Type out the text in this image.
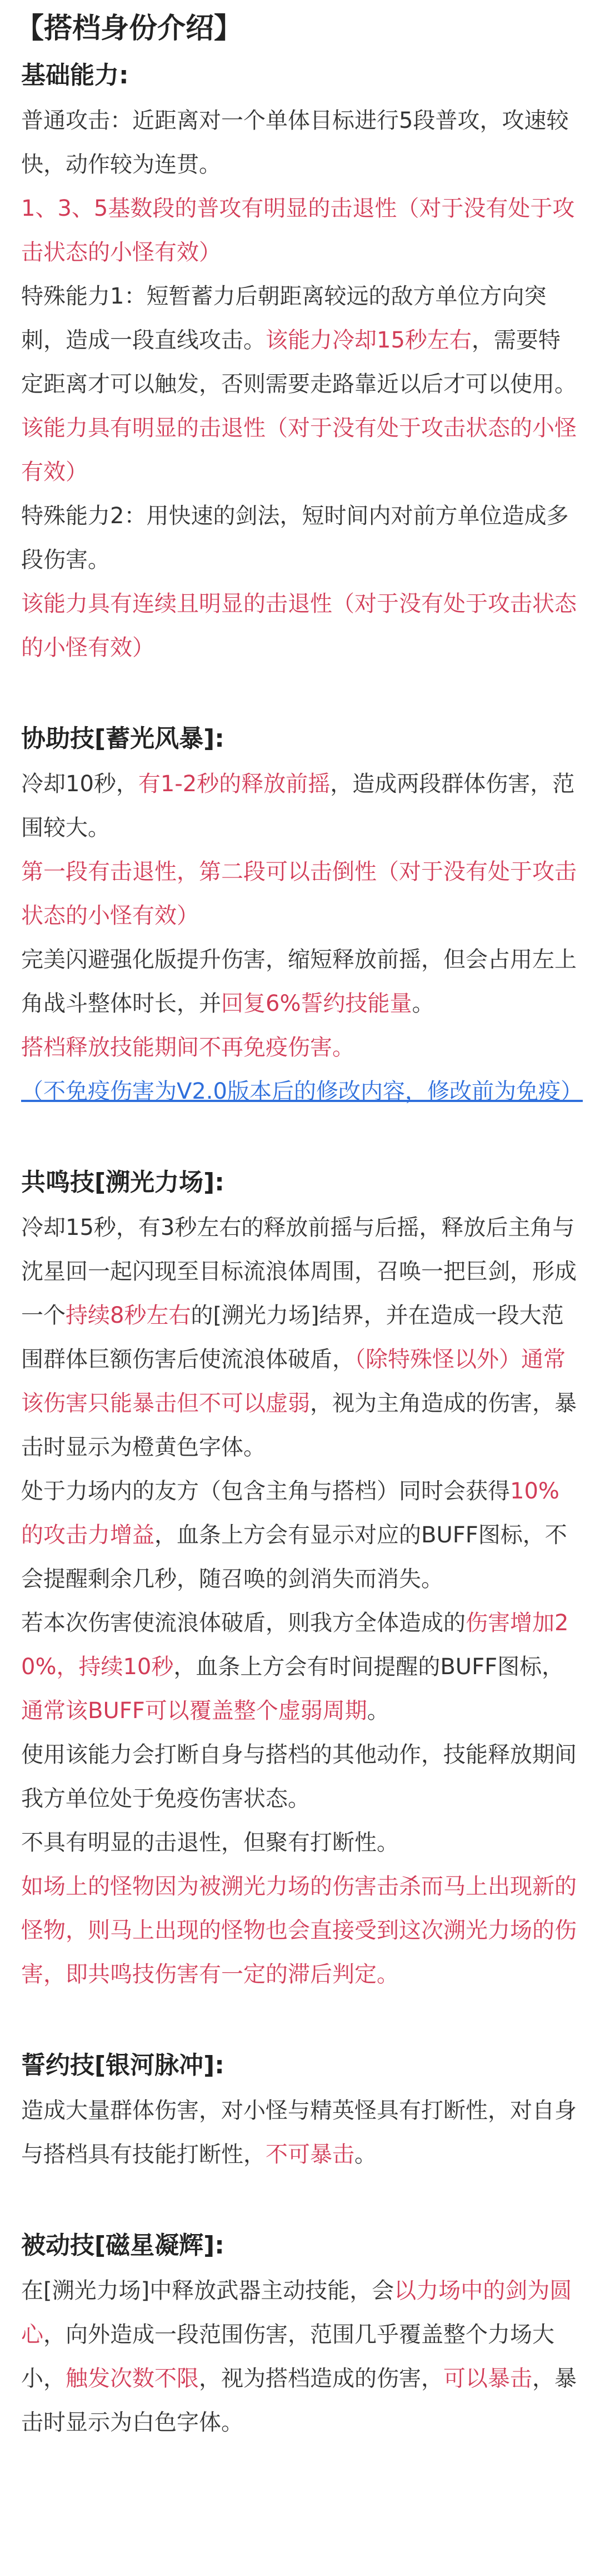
【搭档身份介绍】
基础能力:
普通攻击：近距离对一个单体目标进行5段普攻，攻速较快，动作较为连贯。
1、3、5基数段的普攻有明显的击退性（对于没有处于攻击状态的小怪有效）
特殊能力1：短暂蓄力后朝距离较远的敌方单位方向突刺，造成一段直线攻击。该能力冷却15秒左右，需要特定距离才可以触发，否则需要走路靠近以后才可以使用。
该能力具有明显的击退性（对于没有处于攻击状态的小怪有效）
特殊能力2：用快速的剑法，短时间内对前方单位造成多段伤害。
该能力具有连续且明显的击退性（对于没有处于攻击状态的小怪有效）
协助技[蓄光风暴]:
冷却10秒，有1-2秒的释放前摇，造成两段群体伤害，范围较大。
第一段有击退性，第二段可以击倒性（对于没有处于攻击状态的小怪有效）
完美闪避强化版提升伤害，缩短释放前摇，但会占用左上角战斗整体时长，并回复6%誓约技能量。
搭档释放技能期间不再免疫伤害。
（不免疫伤害为V2.0版本后的修改内容，修改前为免疫）
共鸣技[溯光力场]:
冷却15秒，有3秒左右的释放前摇与后摇，释放后主角与沈星回一起闪现至目标流浪体周围，召唤一把巨剑，形成一个持续8秒左右的[溯光力场]结界，并在造成一段大范围群体巨额伤害后使流浪体破盾，（除特殊怪以外）通常该伤害只能暴击但不可以虚弱，视为主角造成的伤害，暴击时显示为橙黄色字体。
处于力场内的友方（包含主角与搭档）同时会获得10%的攻击力增益，血条上方会有显示对应的BUFF图标，不会提醒剩余几秒，随召唤的剑消失而消失。
若本次伤害使流浪体破盾，则我方全体造成的伤害增加20%，持续10秒，血条上方会有时间提醒的BUFF图标，通常该BUFF可以覆盖整个虚弱周期。
使用该能力会打断自身与搭档的其他动作，技能释放期间我方单位处于免疫伤害状态。
不具有明显的击退性，但聚有打断性。
如场上的怪物因为被溯光力场的伤害击杀而马上出现新的怪物，则马上出现的怪物也会直接受到这次溯光力场的伤害，即共鸣技伤害有一定的滞后判定。
誓约技[银河脉冲]:
造成大量群体伤害，对小怪与精英怪具有打断性，对自身与搭档具有技能打断性，不可暴击。
被动技[磁星凝辉]:
在[溯光力场]中释放武器主动技能，会以力场中的剑为圆心，向外造成一段范围伤害，范围几乎覆盖整个力场大小，触发次数不限，视为搭档造成的伤害，可以暴击，暴击时显示为白色字体。
